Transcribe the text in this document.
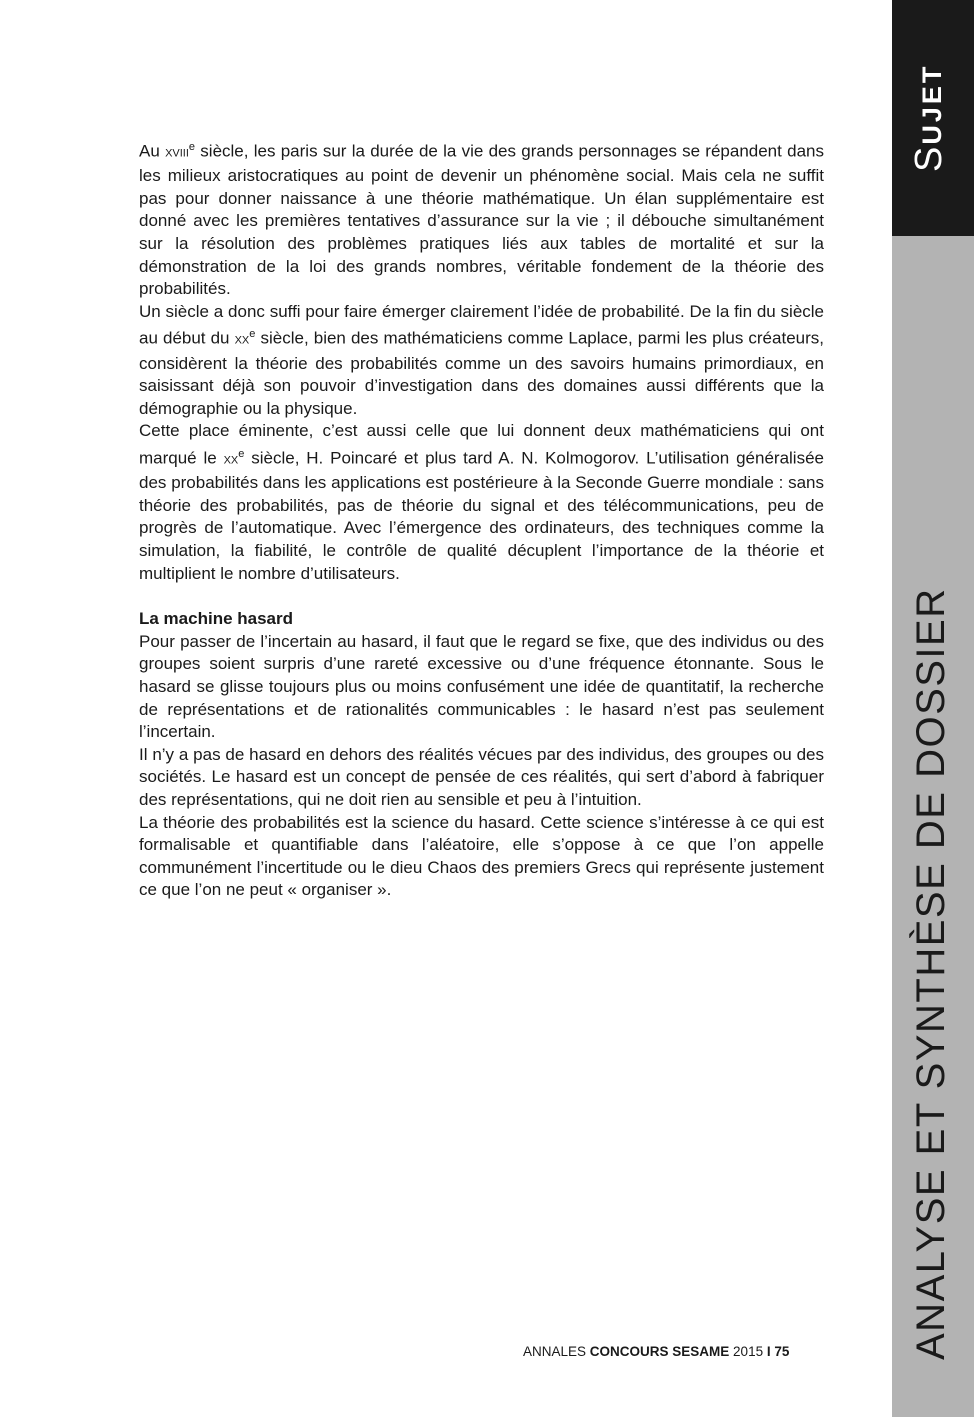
SUJET
ANALYSE ET SYNTHÈSE DE DOSSIER

Au XVIIIe siècle, les paris sur la durée de la vie des grands personnages se répandent dans les milieux aristocratiques au point de devenir un phénomène social. Mais cela ne suffit pas pour donner naissance à une théorie mathématique. Un élan supplémentaire est donné avec les premières tentatives d’assurance sur la vie ; il débouche simultanément sur la résolution des problèmes pratiques liés aux tables de mortalité et sur la démonstration de la loi des grands nombres, véritable fondement de la théorie des probabilités.

Un siècle a donc suffi pour faire émerger clairement l’idée de probabilité. De la fin du siècle au début du XXe siècle, bien des mathématiciens comme Laplace, parmi les plus créateurs, considèrent la théorie des probabilités comme un des savoirs humains primordiaux, en saisissant déjà son pouvoir d’investigation dans des domaines aussi différents que la démographie ou la physique.

Cette place éminente, c’est aussi celle que lui donnent deux mathématiciens qui ont marqué le XXe siècle, H. Poincaré et plus tard A. N. Kolmogorov. L’utilisation généralisée des probabilités dans les applications est postérieure à la Seconde Guerre mondiale : sans théorie des probabilités, pas de théorie du signal et des télécommunications, peu de progrès de l’automatique. Avec l’émergence des ordinateurs, des techniques comme la simulation, la fiabilité, le contrôle de qualité décuplent l’importance de la théorie et multiplient le nombre d’utilisateurs.

La machine hasard

Pour passer de l’incertain au hasard, il faut que le regard se fixe, que des individus ou des groupes soient surpris d’une rareté excessive ou d’une fréquence étonnante. Sous le hasard se glisse toujours plus ou moins confusément une idée de quantitatif, la recherche de représentations et de rationalités communicables : le hasard n’est pas seulement l’incertain.

Il n’y a pas de hasard en dehors des réalités vécues par des individus, des groupes ou des sociétés. Le hasard est un concept de pensée de ces réalités, qui sert d’abord à fabriquer des représentations, qui ne doit rien au sensible et peu à l’intuition.

La théorie des probabilités est la science du hasard. Cette science s’intéresse à ce qui est formalisable et quantifiable dans l’aléatoire, elle s’oppose à ce que l’on appelle communément l’incertitude ou le dieu Chaos des premiers Grecs qui représente justement ce que l’on ne peut « organiser ».

ANNALES CONCOURS SESAME 2015 I 75
